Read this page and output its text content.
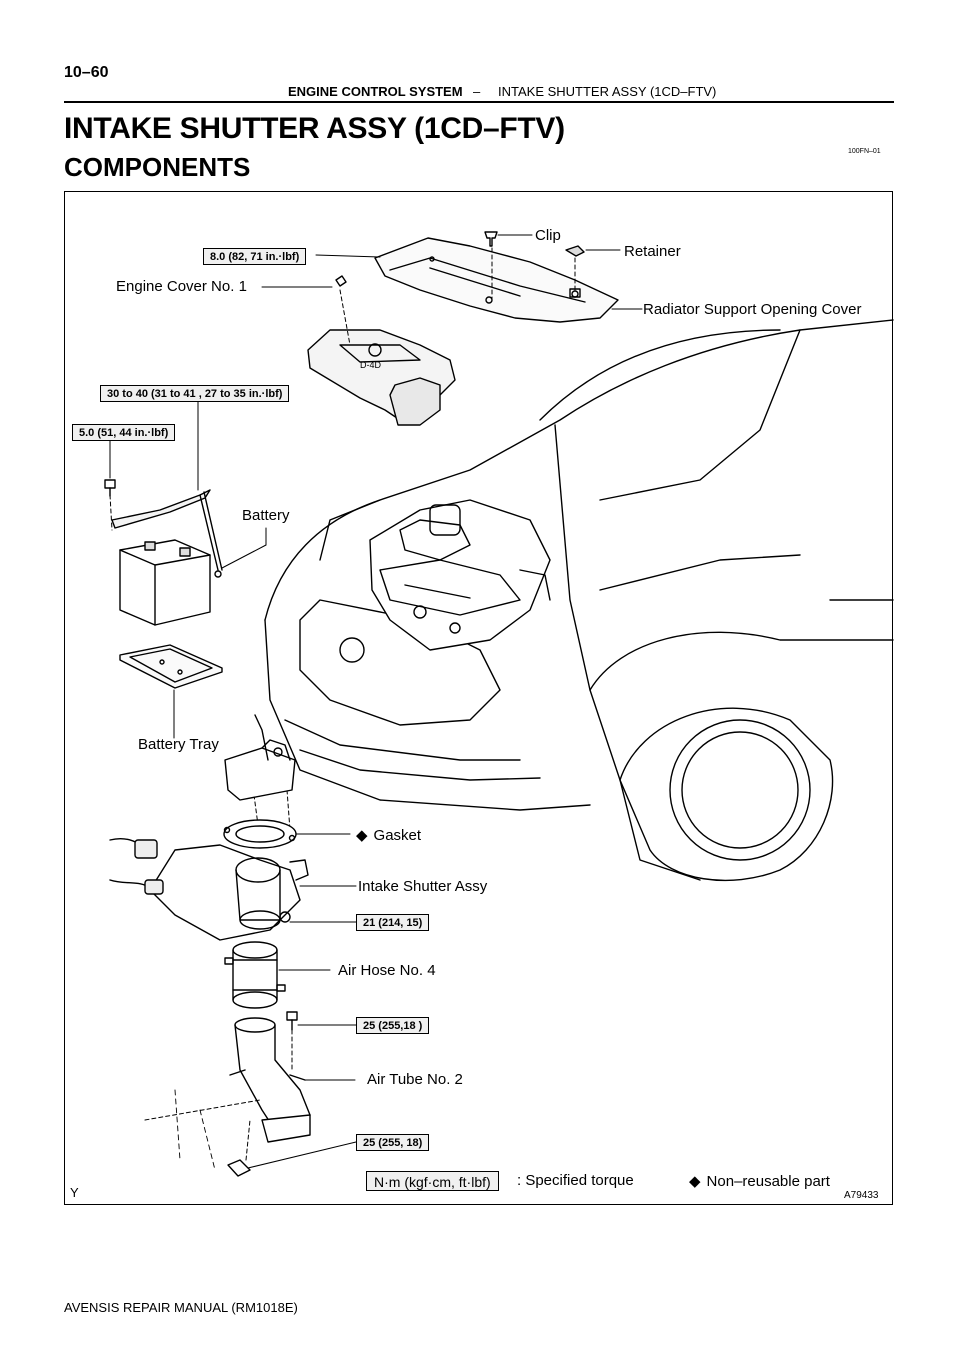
10–60
ENGINE CONTROL SYSTEM – INTAKE SHUTTER ASSY (1CD–FTV)
INTAKE SHUTTER ASSY (1CD–FTV)
COMPONENTS
100FN–01
D-4D
Clip
Retainer
Engine Cover No. 1
Radiator Support Opening Cover
Battery
Battery Tray
◆ Gasket
Intake Shutter Assy
Air Hose No. 4
Air Tube No. 2
8.0 (82, 71 in.·lbf)
30 to 40 (31 to 41 , 27 to 35 in.·lbf)
5.0 (51, 44 in.·lbf)
21 (214, 15)
25 (255,18 )
25 (255, 18)
N·m (kgf·cm, ft·lbf)	: Specified torque	◆ Non–reusable part
Y	A79433
AVENSIS REPAIR MANUAL (RM1018E)
